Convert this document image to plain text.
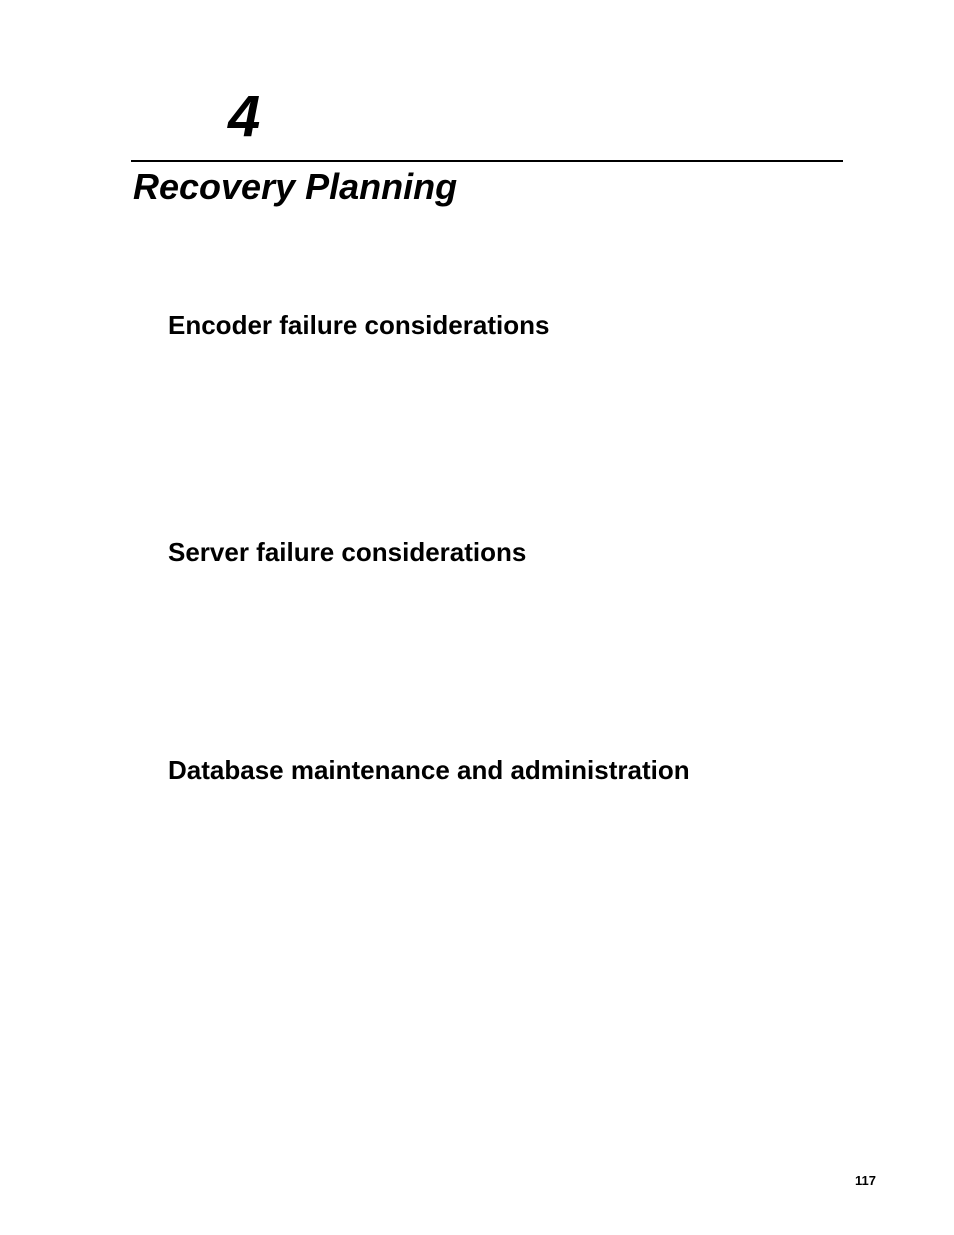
4
Recovery Planning
Encoder failure considerations
Server failure considerations
Database maintenance and administration
117
